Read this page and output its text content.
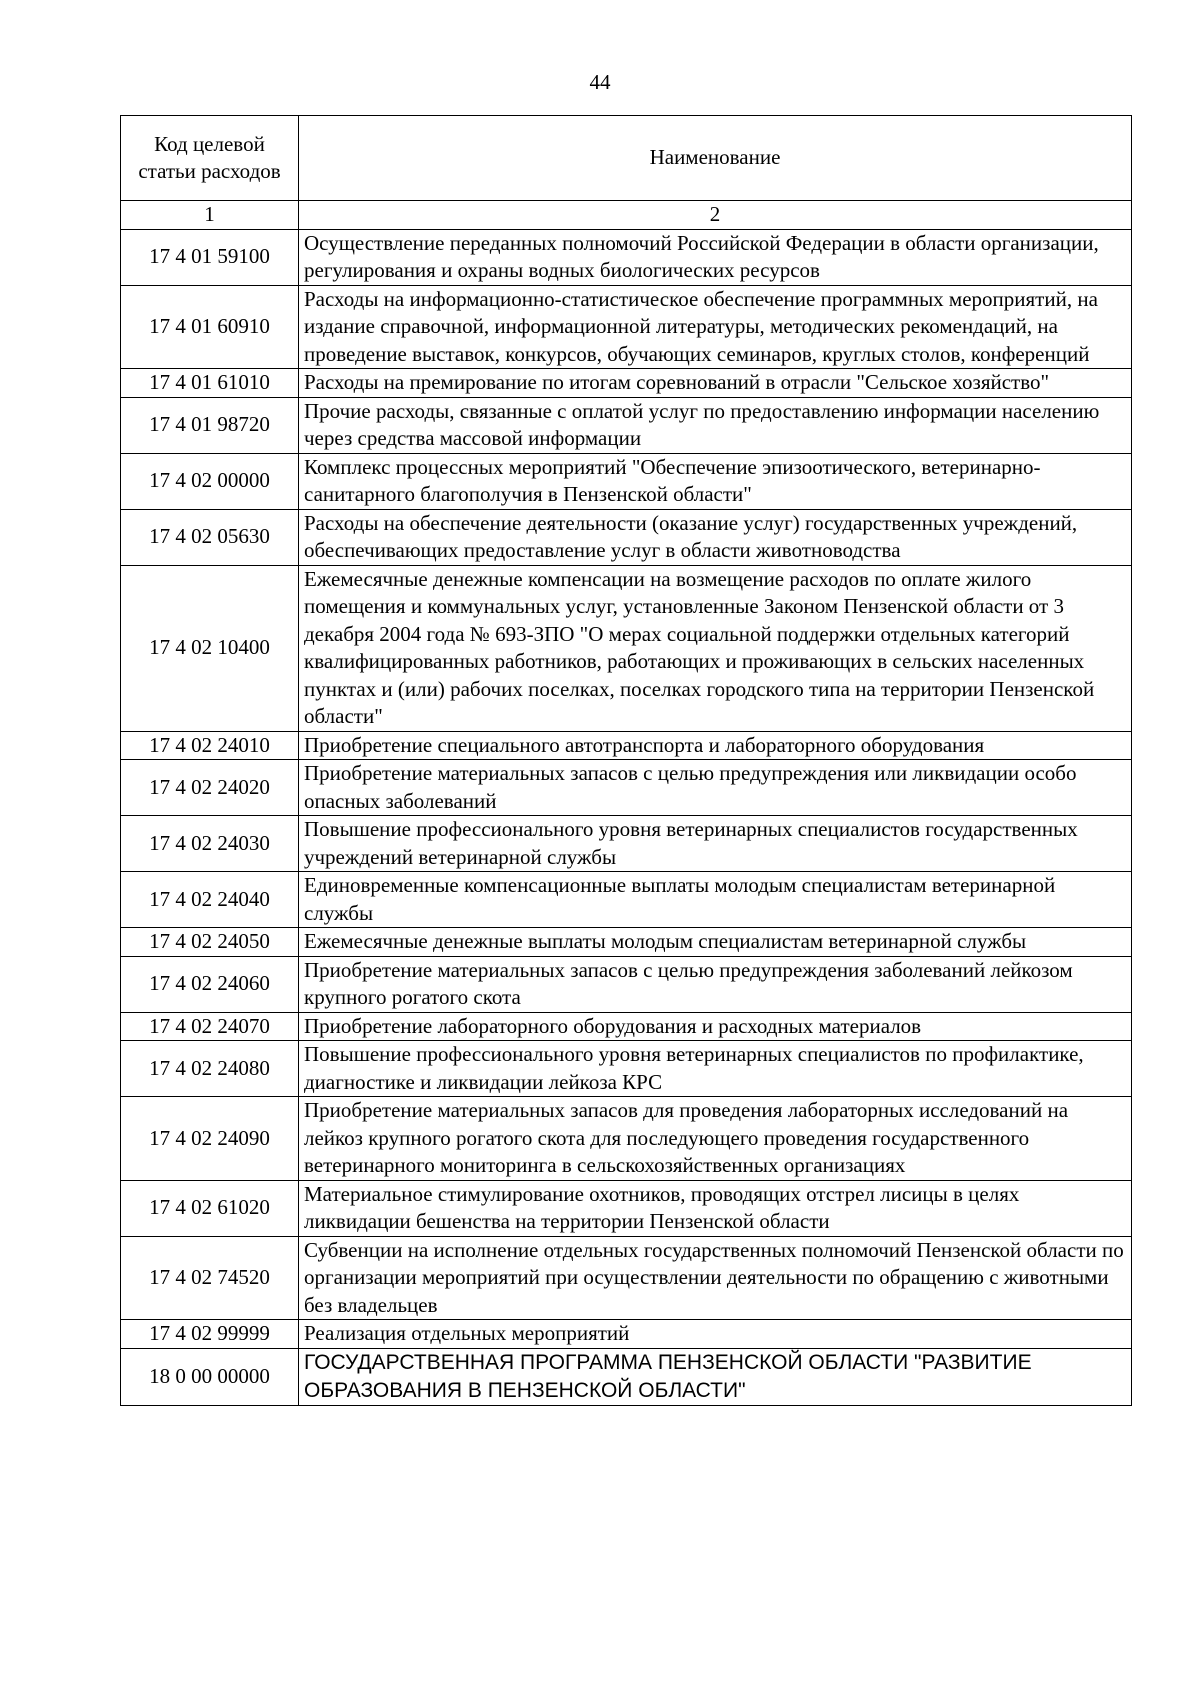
44
Код целевой статьи расходов	Наименование
1	2
17 4 01 59100	Осуществление переданных полномочий Российской Федерации в области организации, регулирования и охраны водных биологических ресурсов
17 4 01 60910	Расходы на информационно-статистическое обеспечение программных мероприятий, на издание справочной, информационной литературы, методических рекомендаций, на проведение выставок, конкурсов, обучающих семинаров, круглых столов, конференций
17 4 01 61010	Расходы на премирование по итогам соревнований в отрасли "Сельское хозяйство"
17 4 01 98720	Прочие расходы, связанные с оплатой услуг по предоставлению информации населению через средства массовой информации
17 4 02 00000	Комплекс процессных мероприятий "Обеспечение эпизоотического, ветеринарно-санитарного благополучия в Пензенской области"
17 4 02 05630	Расходы на обеспечение деятельности (оказание услуг) государственных учреждений, обеспечивающих предоставление услуг в области животноводства
17 4 02 10400	Ежемесячные денежные компенсации на возмещение расходов по оплате жилого помещения и коммунальных услуг, установленные Законом Пензенской области от 3 декабря 2004 года № 693-ЗПО "О мерах социальной поддержки отдельных категорий квалифицированных работников, работающих и проживающих в сельских населенных пунктах и (или) рабочих поселках, поселках городского типа на территории Пензенской области"
17 4 02 24010	Приобретение специального автотранспорта и лабораторного оборудования
17 4 02 24020	Приобретение материальных запасов с целью предупреждения или ликвидации особо опасных заболеваний
17 4 02 24030	Повышение профессионального уровня ветеринарных специалистов государственных учреждений ветеринарной службы
17 4 02 24040	Единовременные компенсационные выплаты молодым специалистам ветеринарной службы
17 4 02 24050	Ежемесячные денежные выплаты молодым специалистам ветеринарной службы
17 4 02 24060	Приобретение материальных запасов с целью предупреждения заболеваний лейкозом крупного рогатого скота
17 4 02 24070	Приобретение лабораторного оборудования и расходных материалов
17 4 02 24080	Повышение профессионального уровня ветеринарных специалистов по профилактике, диагностике и ликвидации лейкоза КРС
17 4 02 24090	Приобретение материальных запасов для проведения лабораторных исследований на лейкоз крупного рогатого скота для последующего проведения государственного ветеринарного мониторинга в сельскохозяйственных организациях
17 4 02 61020	Материальное стимулирование охотников, проводящих отстрел лисицы в целях ликвидации бешенства на территории Пензенской области
17 4 02 74520	Субвенции на исполнение отдельных государственных полномочий Пензенской области по организации мероприятий при осуществлении деятельности по обращению с животными без владельцев
17 4 02 99999	Реализация отдельных мероприятий
18 0 00 00000	ГОСУДАРСТВЕННАЯ ПРОГРАММА ПЕНЗЕНСКОЙ ОБЛАСТИ "РАЗВИТИЕ ОБРАЗОВАНИЯ В ПЕНЗЕНСКОЙ ОБЛАСТИ"
